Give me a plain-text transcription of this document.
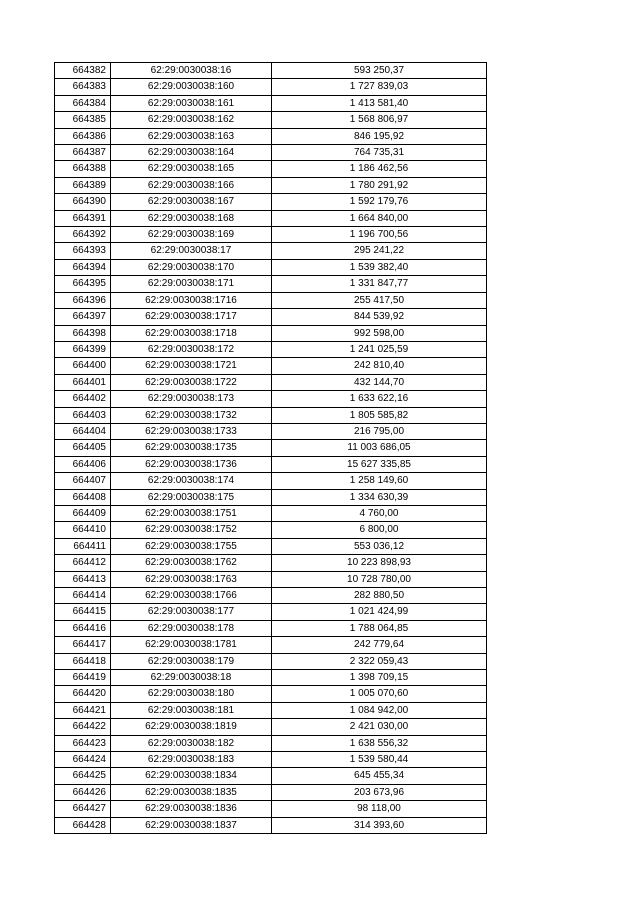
664382	62:29:0030038:16	593 250,37
664383	62:29:0030038:160	1 727 839,03
664384	62:29:0030038:161	1 413 581,40
664385	62:29:0030038:162	1 568 806,97
664386	62:29:0030038:163	846 195,92
664387	62:29:0030038:164	764 735,31
664388	62:29:0030038:165	1 186 462,56
664389	62:29:0030038:166	1 780 291,92
664390	62:29:0030038:167	1 592 179,76
664391	62:29:0030038:168	1 664 840,00
664392	62:29:0030038:169	1 196 700,56
664393	62:29:0030038:17	295 241,22
664394	62:29:0030038:170	1 539 382,40
664395	62:29:0030038:171	1 331 847,77
664396	62:29:0030038:1716	255 417,50
664397	62:29:0030038:1717	844 539,92
664398	62:29:0030038:1718	992 598,00
664399	62:29:0030038:172	1 241 025,59
664400	62:29:0030038:1721	242 810,40
664401	62:29:0030038:1722	432 144,70
664402	62:29:0030038:173	1 633 622,16
664403	62:29:0030038:1732	1 805 585,82
664404	62:29:0030038:1733	216 795,00
664405	62:29:0030038:1735	11 003 686,05
664406	62:29:0030038:1736	15 627 335,85
664407	62:29:0030038:174	1 258 149,60
664408	62:29:0030038:175	1 334 630,39
664409	62:29:0030038:1751	4 760,00
664410	62:29:0030038:1752	6 800,00
664411	62:29:0030038:1755	553 036,12
664412	62:29:0030038:1762	10 223 898,93
664413	62:29:0030038:1763	10 728 780,00
664414	62:29:0030038:1766	282 880,50
664415	62:29:0030038:177	1 021 424,99
664416	62:29:0030038:178	1 788 064,85
664417	62:29:0030038:1781	242 779,64
664418	62:29:0030038:179	2 322 059,43
664419	62:29:0030038:18	1 398 709,15
664420	62:29:0030038:180	1 005 070,60
664421	62:29:0030038:181	1 084 942,00
664422	62:29:0030038:1819	2 421 030,00
664423	62:29:0030038:182	1 638 556,32
664424	62:29:0030038:183	1 539 580,44
664425	62:29:0030038:1834	645 455,34
664426	62:29:0030038:1835	203 673,96
664427	62:29:0030038:1836	98 118,00
664428	62:29:0030038:1837	314 393,60
